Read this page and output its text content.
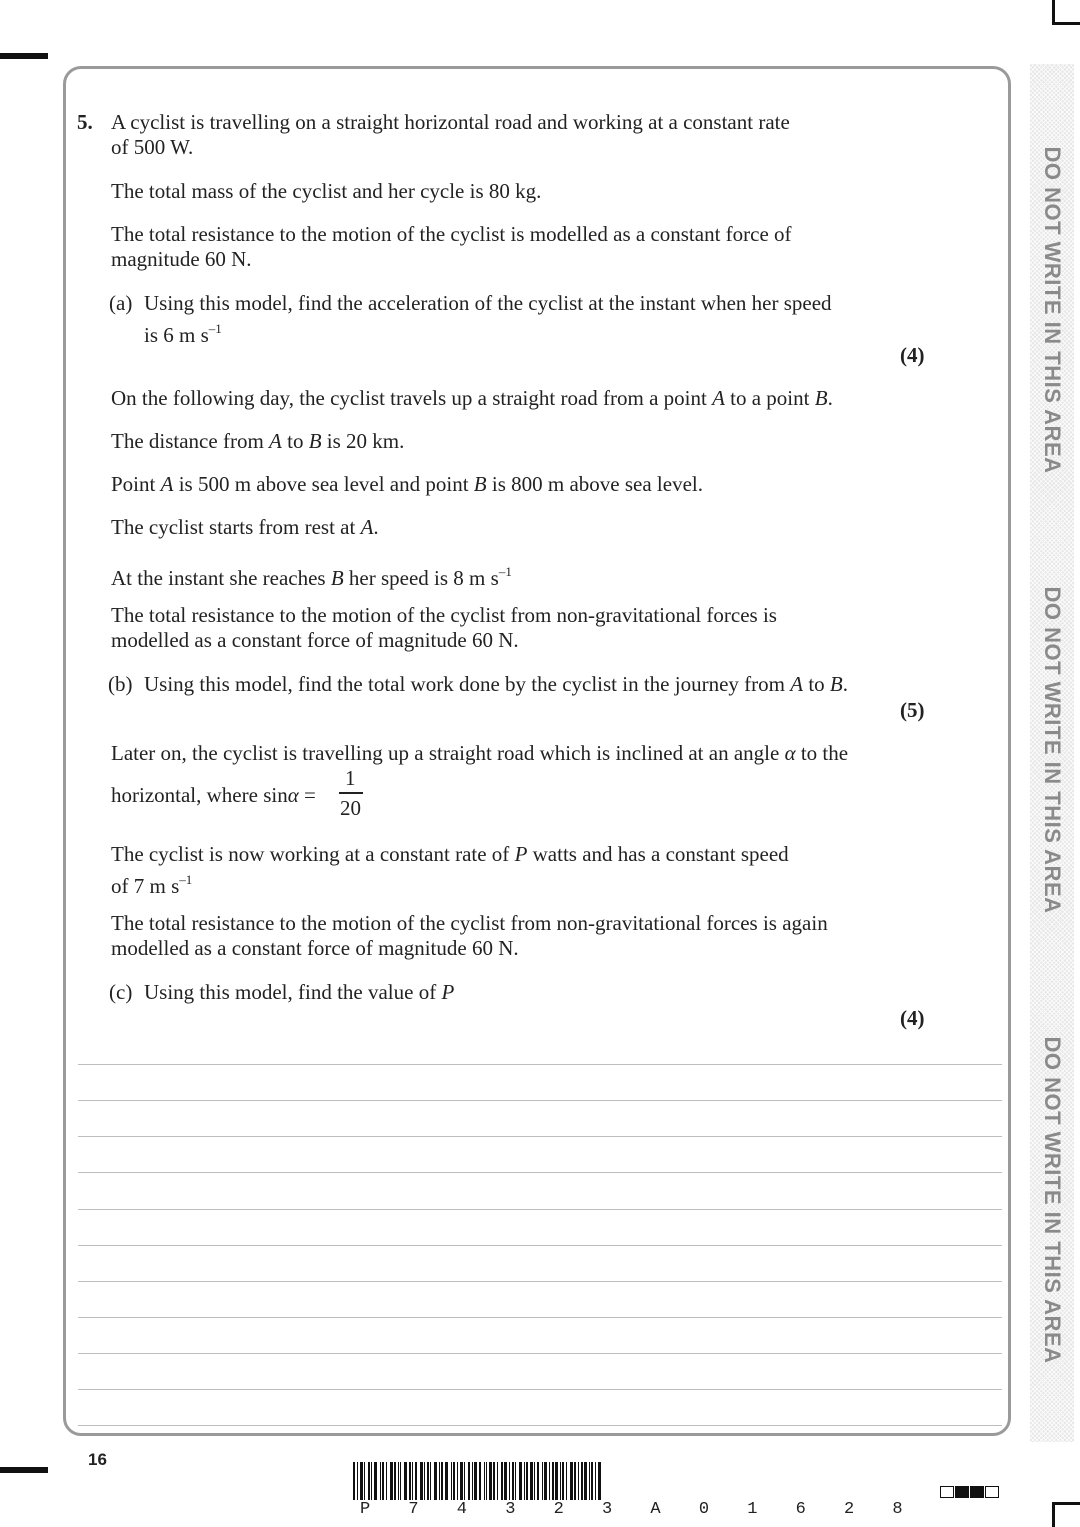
DO NOT WRITE IN THIS AREA
DO NOT WRITE IN THIS AREA
DO NOT WRITE IN THIS AREA
5. A cyclist is travelling on a straight horizontal road and working at a constant rate
of 500 W.
The total mass of the cyclist and her cycle is 80 kg.
The total resistance to the motion of the cyclist is modelled as a constant force of
magnitude 60 N.
(a) Using this model, find the acceleration of the cyclist at the instant when her speed
is 6 m $s^{-1}$
(4)
On the following day, the cyclist travels up a straight road from a point A to a point B.
The distance from A to B is 20 km.
Point A is 500 m above sea level and point B is 800 m above sea level.
The cyclist starts from rest at A.
At the instant she reaches B her speed is 8 m $s^{-1}$
The total resistance to the motion of the cyclist from non-gravitational forces is
modelled as a constant force of magnitude 60 N.
(b) Using this model, find the total work done by the cyclist in the journey from A to B.
(5)
Later on, the cyclist is travelling up a straight road which is inclined at an angle α to the
horizontal, where sinα =
1
20
The cyclist is now working at a constant rate of P watts and has a constant speed
of 7 m $s^{-1}$
The total resistance to the motion of the cyclist from non-gravitational forces is again
modelled as a constant force of magnitude 60 N.
(c) Using this model, find the value of P
(4)
16
P 7 4 3 2 3 A 0 1 6 2 8
